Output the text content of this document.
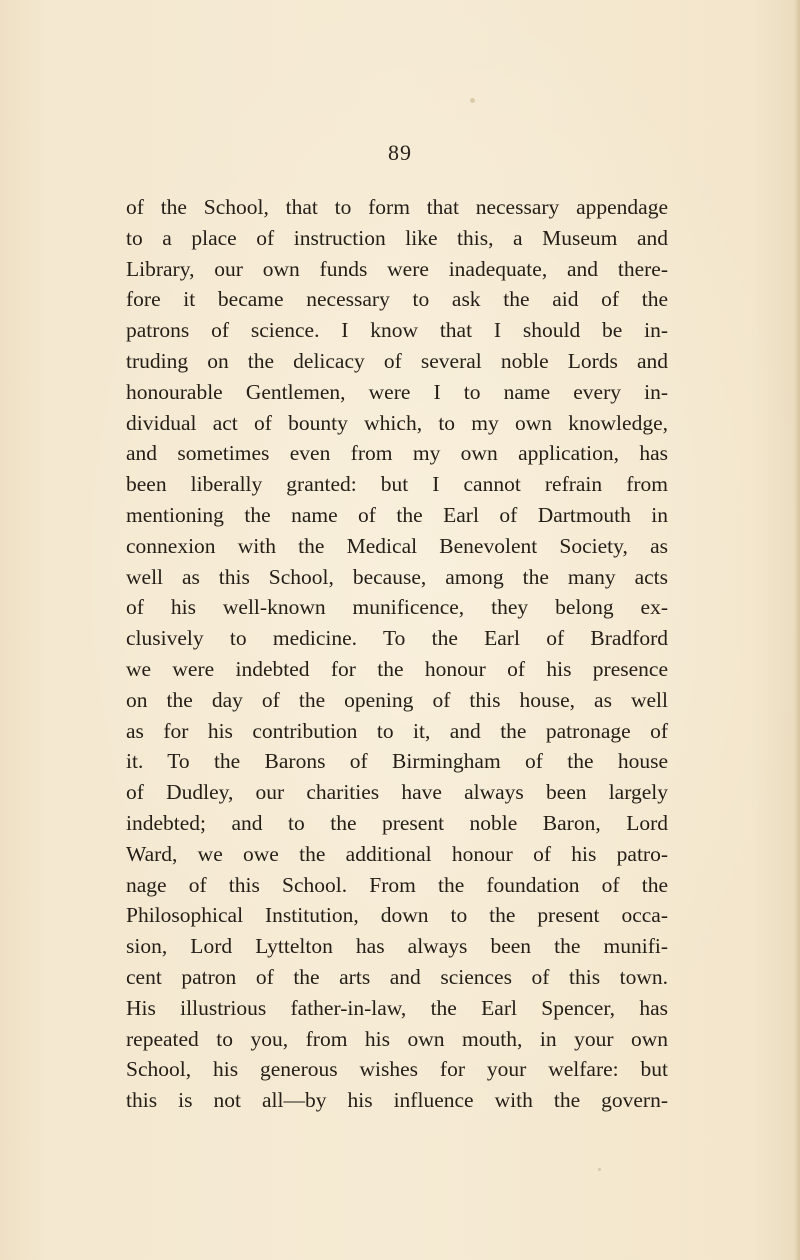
89
of the School, that to form that necessary appendage
to a place of instruction like this, a Museum and
Library, our own funds were inadequate, and there-
fore it became necessary to ask the aid of the
patrons of science. I know that I should be in-
truding on the delicacy of several noble Lords and
honourable Gentlemen, were I to name every in-
dividual act of bounty which, to my own knowledge,
and sometimes even from my own application, has
been liberally granted: but I cannot refrain from
mentioning the name of the Earl of Dartmouth in
connexion with the Medical Benevolent Society, as
well as this School, because, among the many acts
of his well-known munificence, they belong ex-
clusively to medicine. To the Earl of Bradford
we were indebted for the honour of his presence
on the day of the opening of this house, as well
as for his contribution to it, and the patronage of
it. To the Barons of Birmingham of the house
of Dudley, our charities have always been largely
indebted; and to the present noble Baron, Lord
Ward, we owe the additional honour of his patro-
nage of this School. From the foundation of the
Philosophical Institution, down to the present occa-
sion, Lord Lyttelton has always been the munifi-
cent patron of the arts and sciences of this town.
His illustrious father-in-law, the Earl Spencer, has
repeated to you, from his own mouth, in your own
School, his generous wishes for your welfare: but
this is not all—by his influence with the govern-
